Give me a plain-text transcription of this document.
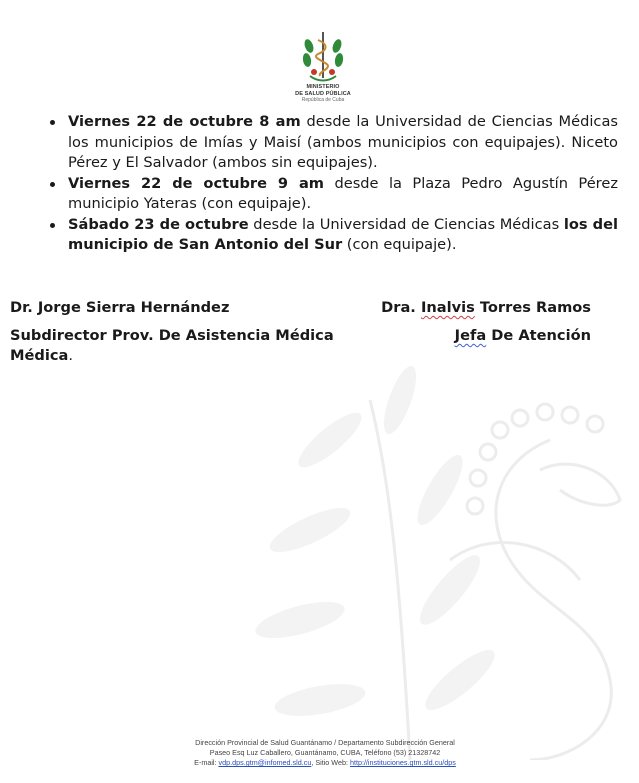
MINISTERIO
DE SALUD PÚBLICA
República de Cuba
Viernes 22 de octubre 8 am desde la Universidad de Ciencias Médicas los municipios de Imías y Maisí (ambos municipios con equipajes). Niceto Pérez y El Salvador (ambos sin equipajes).
Viernes 22 de octubre 9 am desde la Plaza Pedro Agustín Pérez municipio Yateras (con equipaje).
Sábado 23 de octubre desde la Universidad de Ciencias Médicas los del municipio de San Antonio del Sur (con equipaje).
Dr. Jorge Sierra Hernández	Dra. Inalvis Torres Ramos
Subdirector Prov. De Asistencia Médica
Médica.
Jefa De Atención
Dirección Provincial de Salud Guantánamo / Departamento Subdirección General
Paseo Esq Luz Caballero, Guantánamo, CUBA, Teléfono (53) 21328742
E-mail: vdp.dps.gtm@infomed.sld.cu, Sitio Web: http://instituciones.gtm.sld.cu/dps
